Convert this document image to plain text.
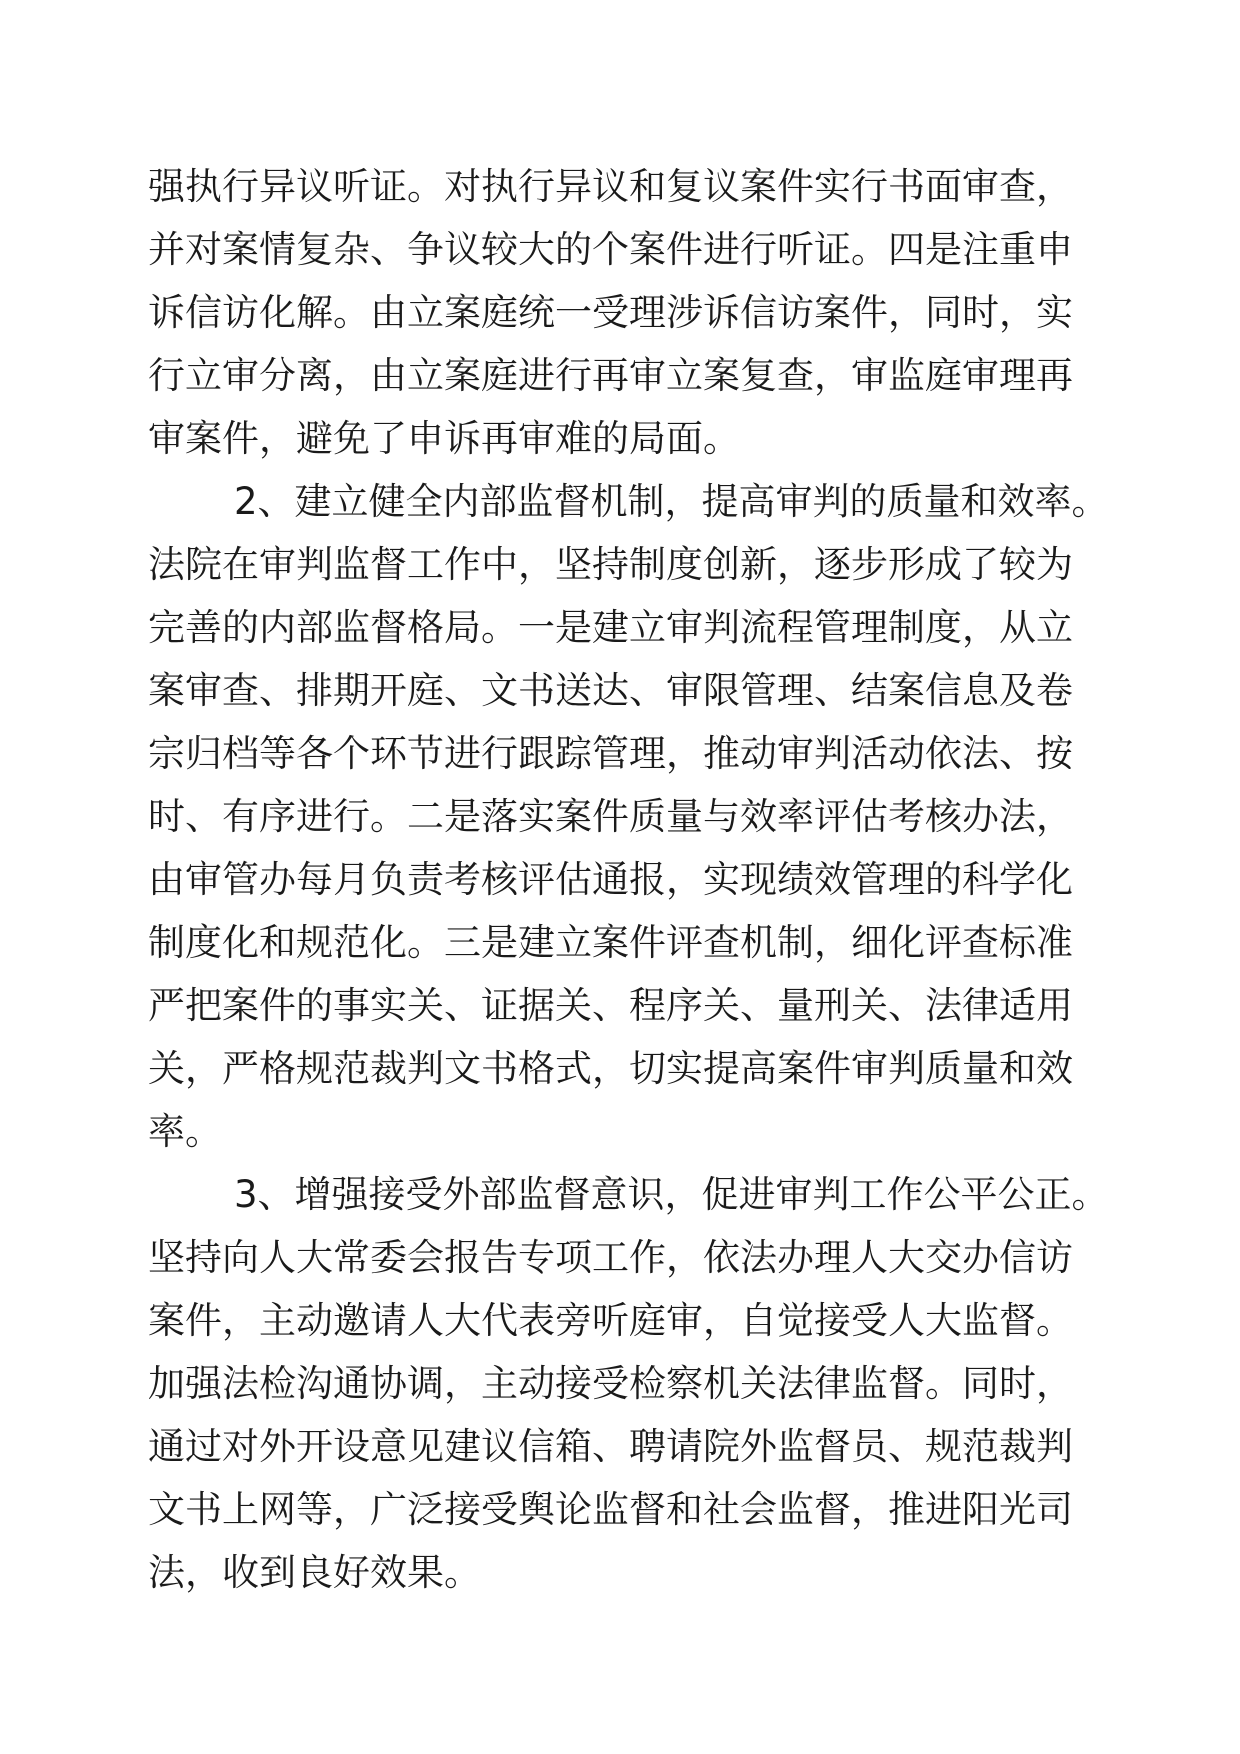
强执行异议听证。对执行异议和复议案件实行书面审查，
并对案情复杂、争议较大的个案件进行听证。四是注重申
诉信访化解。由立案庭统一受理涉诉信访案件，同时，实
行立审分离，由立案庭进行再审立案复查，审监庭审理再
审案件，避免了申诉再审难的局面。
2、建立健全内部监督机制，提高审判的质量和效率。
法院在审判监督工作中，坚持制度创新，逐步形成了较为
完善的内部监督格局。一是建立审判流程管理制度，从立
案审查、排期开庭、文书送达、审限管理、结案信息及卷
宗归档等各个环节进行跟踪管理，推动审判活动依法、按
时、有序进行。二是落实案件质量与效率评估考核办法，
由审管办每月负责考核评估通报，实现绩效管理的科学化
制度化和规范化。三是建立案件评查机制，细化评查标准
严把案件的事实关、证据关、程序关、量刑关、法律适用
关，严格规范裁判文书格式，切实提高案件审判质量和效
率。
3、增强接受外部监督意识，促进审判工作公平公正。
坚持向人大常委会报告专项工作，依法办理人大交办信访
案件，主动邀请人大代表旁听庭审，自觉接受人大监督。
加强法检沟通协调，主动接受检察机关法律监督。同时，
通过对外开设意见建议信箱、聘请院外监督员、规范裁判
文书上网等，广泛接受舆论监督和社会监督，推进阳光司
法，收到良好效果。
